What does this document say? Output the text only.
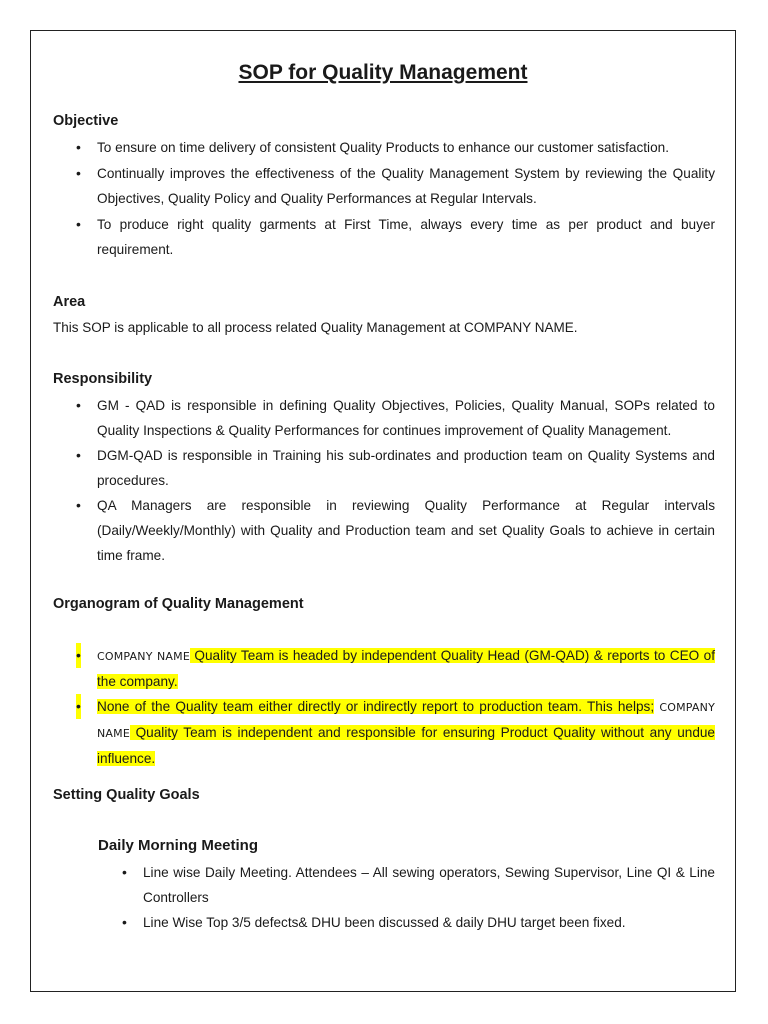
SOP for Quality Management
Objective
• To ensure on time delivery of consistent Quality Products to enhance our customer satisfaction.
• Continually improves the effectiveness of the Quality Management System by reviewing the Quality Objectives, Quality Policy and Quality Performances at Regular Intervals.
• To produce right quality garments at First Time, always every time as per product and buyer requirement.
Area
This SOP is applicable to all process related Quality Management at COMPANY NAME.
Responsibility
• GM - QAD is responsible in defining Quality Objectives, Policies, Quality Manual, SOPs related to Quality Inspections & Quality Performances for continues improvement of Quality Management.
• DGM-QAD is responsible in Training his sub-ordinates and production team on Quality Systems and procedures.
• QA Managers are responsible in reviewing Quality Performance at Regular intervals (Daily/Weekly/Monthly) with Quality and Production team and set Quality Goals to achieve in certain time frame.
Organogram of Quality Management
• COMPANY NAME Quality Team is headed by independent Quality Head (GM-QAD) & reports to CEO of the company.
• None of the Quality team either directly or indirectly report to production team. This helps; COMPANY NAME Quality Team is independent and responsible for ensuring Product Quality without any undue influence.
Setting Quality Goals
Daily Morning Meeting
• Line wise Daily Meeting. Attendees – All sewing operators, Sewing Supervisor, Line QI & Line Controllers
• Line Wise Top 3/5 defects& DHU been discussed & daily DHU target been fixed.
